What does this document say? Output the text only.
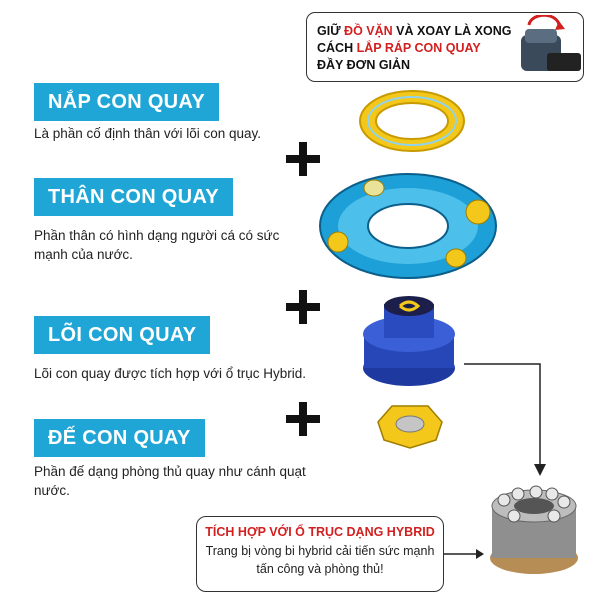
GIỮ ĐỒ VẶN VÀ XOAY LÀ XONG
CÁCH LẮP RÁP CON QUAY
ĐẦY ĐƠN GIẢN
NẮP CON QUAY
Là phần cố định thân với lõi con quay.
THÂN CON QUAY
Phần thân có hình dạng người cá có sức mạnh của nước.
LÕI CON QUAY
Lõi con quay được tích hợp với ổ trục Hybrid.
ĐẾ CON QUAY
Phần đế dạng phòng thủ quay như cánh quạt nước.
TÍCH HỢP VỚI Ổ TRỤC DẠNG HYBRID
Trang bị vòng bi hybrid cải tiến sức mạnh tấn công và phòng thủ!
